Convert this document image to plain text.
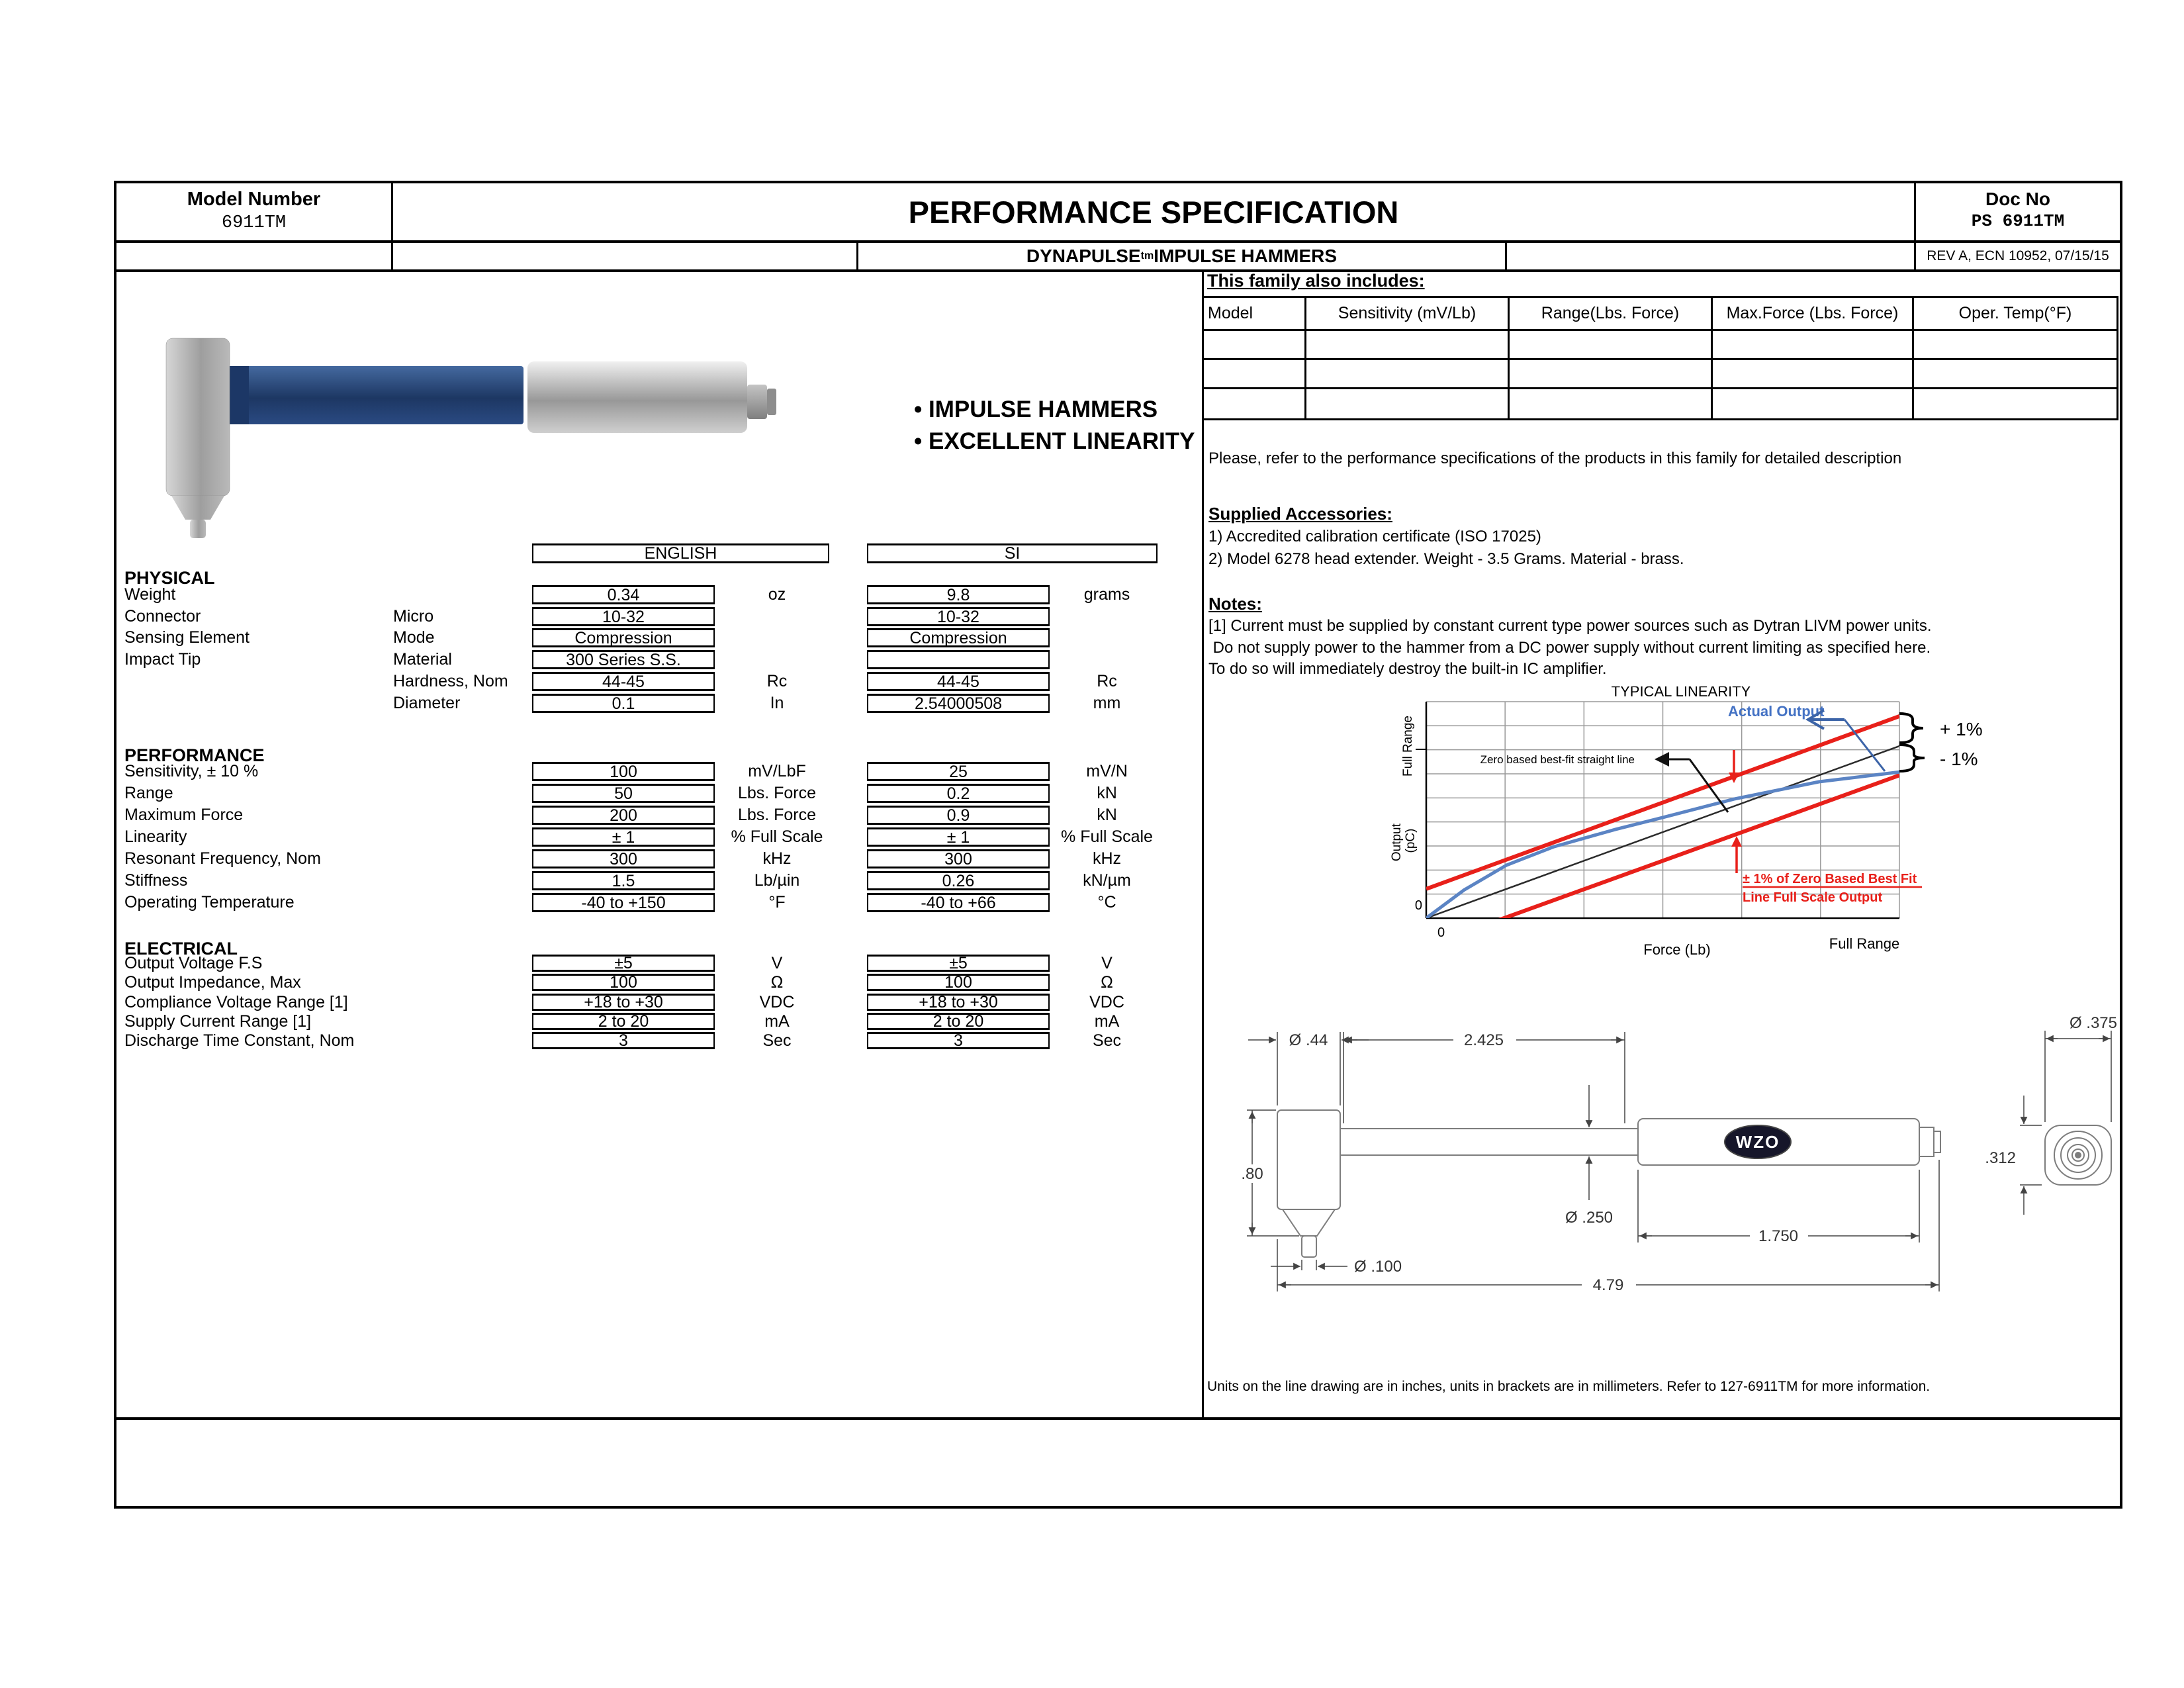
Model Number
6911TM	PERFORMANCE SPECIFICATION	Doc No
PS 6911TM
DYNAPULSE tm IMPULSE HAMMERS	REV A, ECN 10952, 07/15/15
• IMPULSE HAMMERS
• EXCELLENT LINEARITY
ENGLISH	SI
PHYSICAL
PERFORMANCE
ELECTRICAL
Weight	0.34	oz	9.8	grams
Connector	Micro	10-32	10-32
Sensing Element	Mode	Compression	Compression
Impact Tip	Material	300 Series S.S.
Hardness, Nom	44-45	Rc	44-45	Rc
Diameter	0.1	In	2.54000508	mm
Sensitivity, ± 10 %	100	mV/LbF	25	mV/N
Range	50	Lbs. Force	0.2	kN
Maximum Force	200	Lbs. Force	0.9	kN
Linearity	± 1	% Full Scale	± 1	% Full Scale
Resonant Frequency, Nom	300	kHz	300	kHz
Stiffness	1.5	Lb/µin	0.26	kN/µm
Operating Temperature	-40 to +150	°F	-40 to +66	°C
Output Voltage F.S	±5	V	±5	V
Output Impedance, Max	100	Ω	100	Ω
Compliance Voltage Range [1]	+18 to +30	VDC	+18 to +30	VDC
Supply Current Range [1]	2 to 20	mA	2 to 20	mA
Discharge Time Constant, Nom	3	Sec	3	Sec
This family also includes:
Model	Sensitivity (mV/Lb)	Range(Lbs. Force)	Max.Force (Lbs. Force)	Oper. Temp(°F)
Please, refer to the performance specifications of the products in this family for detailed description
Supplied Accessories:
1) Accredited calibration certificate (ISO 17025)
2) Model 6278 head extender. Weight - 3.5 Grams. Material - brass.
Notes:
[1] Current must be supplied by constant current type power sources such as Dytran LIVM power units.
Do not supply power to the hammer from a DC power supply without current limiting as specified here.
To do so will immediately destroy the built-in IC amplifier.
TYPICAL LINEARITY
0
Force (Lb)	Full Range
0
Full Range
Output (pC)
Actual Output
Zero based best-fit straight line
± 1% of Zero Based Best Fit
Line Full Scale Output
+ 1%
- 1%
WZO
Ø .44	2.425
Ø .375
.80
Ø .250
.312
Ø .100
1.750
4.79
Units on the line drawing are in inches, units in brackets are in millimeters. Refer to 127-6911TM for more information.
